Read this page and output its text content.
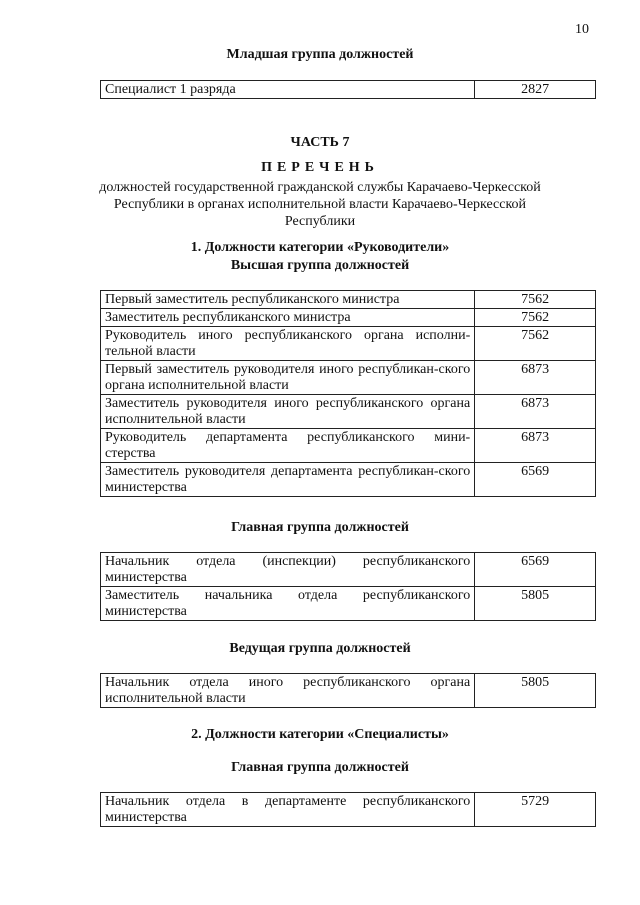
10
Младшая группа должностей
Специалист 1 разряда	2827
ЧАСТЬ 7
ПЕРЕЧЕНЬ
должностей государственной гражданской службы Карачаево-Черкесской
Республики в органах исполнительной власти Карачаево-Черкесской
Республики
1. Должности категории «Руководители»
Высшая группа должностей
Первый заместитель республиканского министра	7562
Заместитель республиканского министра	7562
Руководитель иного республиканского органа исполни-тельной власти	7562
Первый заместитель руководителя иного республикан-ского органа исполнительной власти	6873
Заместитель руководителя иного республиканского органа исполнительной власти	6873
Руководитель департамента республиканского мини-стерства	6873
Заместитель руководителя департамента республикан-ского министерства	6569
Главная группа должностей
Начальник отдела (инспекции) республиканского министерства	6569
Заместитель начальника отдела республиканского министерства	5805
Ведущая группа должностей
Начальник отдела иного республиканского органа исполнительной власти	5805
2. Должности категории «Специалисты»
Главная группа должностей
Начальник отдела в департаменте республиканского министерства	5729
